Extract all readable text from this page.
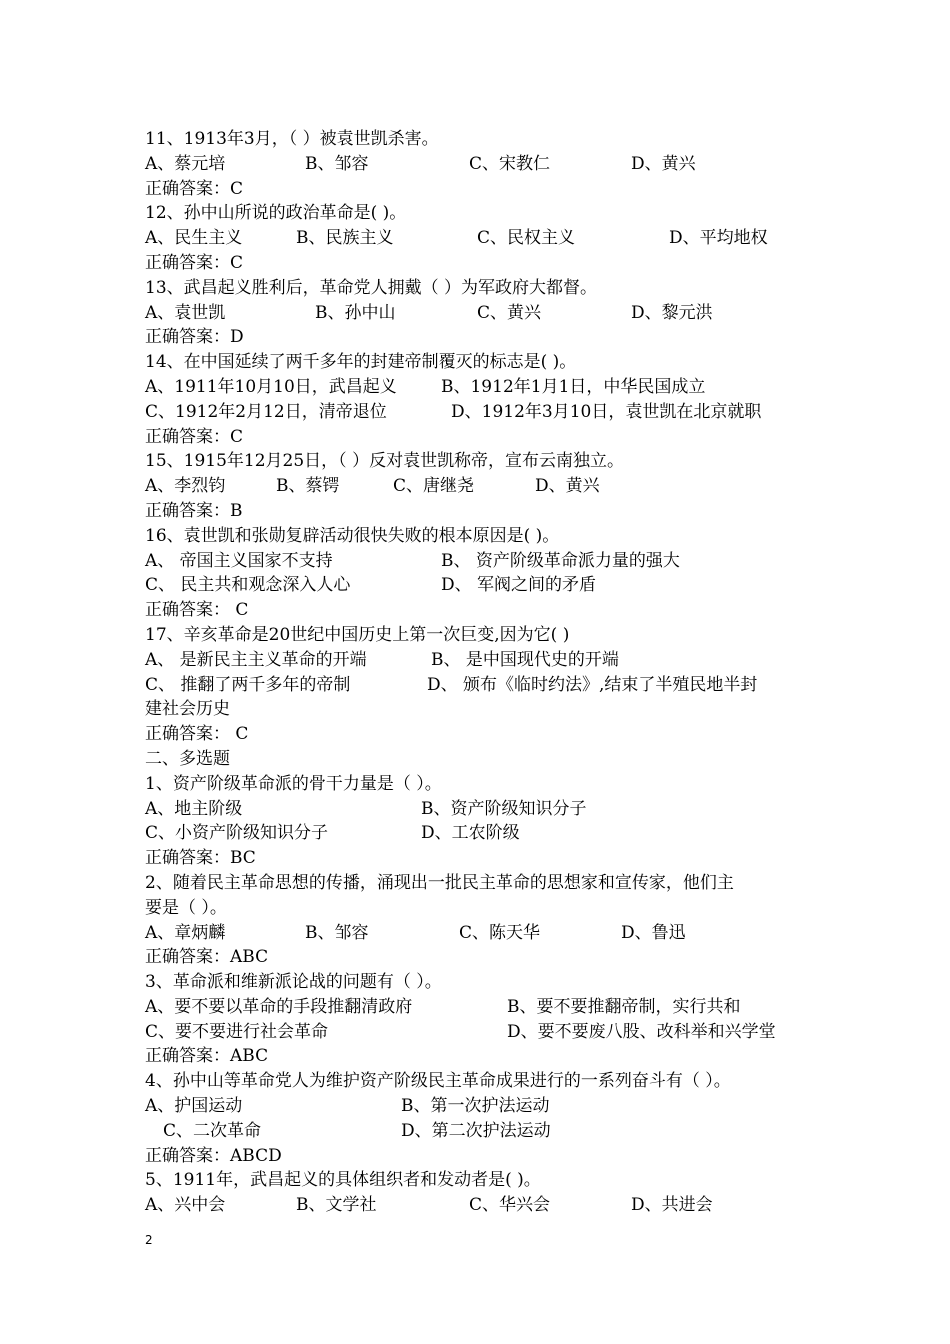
11、1913年3月，（ ）被袁世凯杀害。
A、蔡元培	B、邹容	C、宋教仁	D、黄兴
正确答案：C
12、孙中山所说的政治革命是( )。
A、民生主义	B、民族主义	C、民权主义	D、平均地权
正确答案：C
13、武昌起义胜利后，革命党人拥戴（ ）为军政府大都督。
A、袁世凯	B、孙中山	C、黄兴	D、黎元洪
正确答案：D
14、在中国延续了两千多年的封建帝制覆灭的标志是( )。
A、1911年10月10日，武昌起义	B、1912年1月1日，中华民国成立
C、1912年2月12日，清帝退位	D、1912年3月10日，袁世凯在北京就职
正确答案：C
15、1915年12月25日，（ ）反对袁世凯称帝，宣布云南独立。
A、李烈钧	B、蔡锷	C、唐继尧	D、黄兴
正确答案：B
16、袁世凯和张勋复辟活动很快失败的根本原因是( )。
A、 帝国主义国家不支持	B、 资产阶级革命派力量的强大
C、 民主共和观念深入人心	D、 军阀之间的矛盾
正确答案： C
17、辛亥革命是20世纪中国历史上第一次巨变,因为它( )
A、 是新民主主义革命的开端	B、 是中国现代史的开端
C、 推翻了两千多年的帝制	D、 颁布《临时约法》,结束了半殖民地半封
建社会历史
正确答案： C
二、多选题
1、资产阶级革命派的骨干力量是（ ）。
A、地主阶级	B、资产阶级知识分子
C、小资产阶级知识分子	D、工农阶级
正确答案：BC
2、随着民主革命思想的传播，涌现出一批民主革命的思想家和宣传家，他们主
要是（ ）。
A、章炳麟	B、邹容	C、陈天华	D、鲁迅
正确答案：ABC
3、革命派和维新派论战的问题有（ ）。
A、要不要以革命的手段推翻清政府	B、要不要推翻帝制，实行共和
C、要不要进行社会革命	D、要不要废八股、改科举和兴学堂
正确答案：ABC
4、孙中山等革命党人为维护资产阶级民主革命成果进行的一系列奋斗有（ ）。
A、护国运动	B、第一次护法运动
C、二次革命	D、第二次护法运动
正确答案：ABCD
5、1911年，武昌起义的具体组织者和发动者是( )。
A、兴中会	B、文学社	C、华兴会	D、共进会
2
